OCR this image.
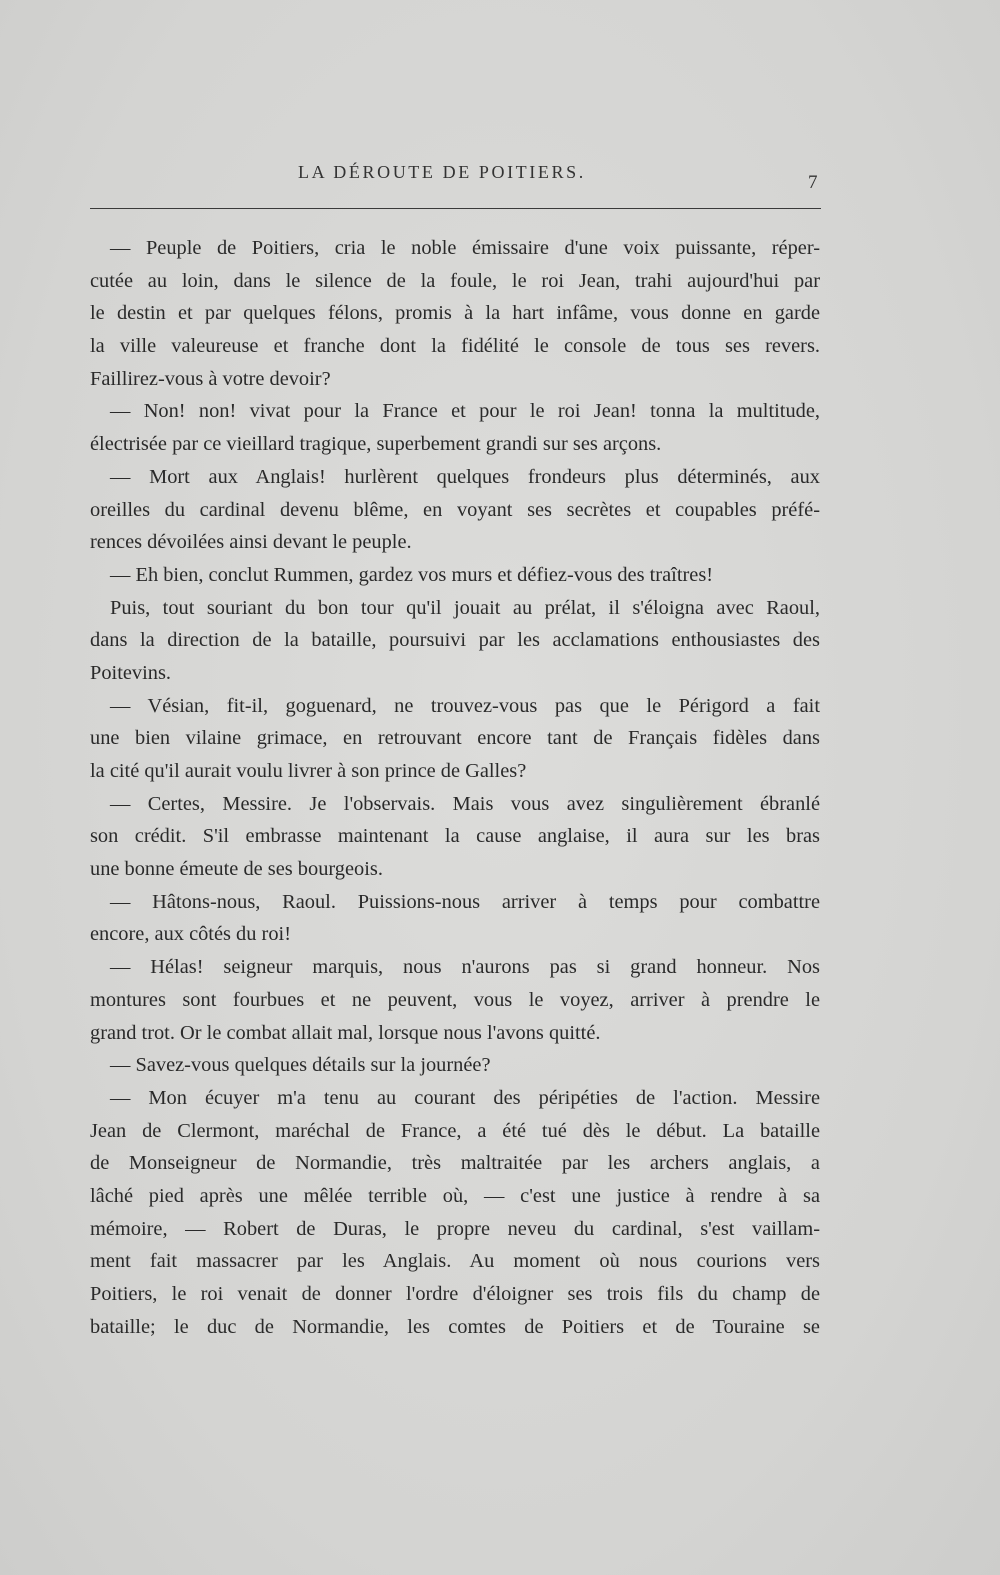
LA DÉROUTE DE POITIERS.	7
— Peuple de Poitiers, cria le noble émissaire d'une voix puissante, réper-
cutée au loin, dans le silence de la foule, le roi Jean, trahi aujourd'hui par
le destin et par quelques félons, promis à la hart infâme, vous donne en garde
la ville valeureuse et franche dont la fidélité le console de tous ses revers.
Faillirez-vous à votre devoir?
— Non! non! vivat pour la France et pour le roi Jean! tonna la multitude,
électrisée par ce vieillard tragique, superbement grandi sur ses arçons.
— Mort aux Anglais! hurlèrent quelques frondeurs plus déterminés, aux
oreilles du cardinal devenu blême, en voyant ses secrètes et coupables préfé-
rences dévoilées ainsi devant le peuple.
— Eh bien, conclut Rummen, gardez vos murs et défiez-vous des traîtres!
Puis, tout souriant du bon tour qu'il jouait au prélat, il s'éloigna avec Raoul,
dans la direction de la bataille, poursuivi par les acclamations enthousiastes des
Poitevins.
— Vésian, fit-il, goguenard, ne trouvez-vous pas que le Périgord a fait
une bien vilaine grimace, en retrouvant encore tant de Français fidèles dans
la cité qu'il aurait voulu livrer à son prince de Galles?
— Certes, Messire. Je l'observais. Mais vous avez singulièrement ébranlé
son crédit. S'il embrasse maintenant la cause anglaise, il aura sur les bras
une bonne émeute de ses bourgeois.
— Hâtons-nous, Raoul. Puissions-nous arriver à temps pour combattre
encore, aux côtés du roi!
— Hélas! seigneur marquis, nous n'aurons pas si grand honneur. Nos
montures sont fourbues et ne peuvent, vous le voyez, arriver à prendre le
grand trot. Or le combat allait mal, lorsque nous l'avons quitté.
— Savez-vous quelques détails sur la journée?
— Mon écuyer m'a tenu au courant des péripéties de l'action. Messire
Jean de Clermont, maréchal de France, a été tué dès le début. La bataille
de Monseigneur de Normandie, très maltraitée par les archers anglais, a
lâché pied après une mêlée terrible où, — c'est une justice à rendre à sa
mémoire, — Robert de Duras, le propre neveu du cardinal, s'est vaillam-
ment fait massacrer par les Anglais. Au moment où nous courions vers
Poitiers, le roi venait de donner l'ordre d'éloigner ses trois fils du champ de
bataille; le duc de Normandie, les comtes de Poitiers et de Touraine se
